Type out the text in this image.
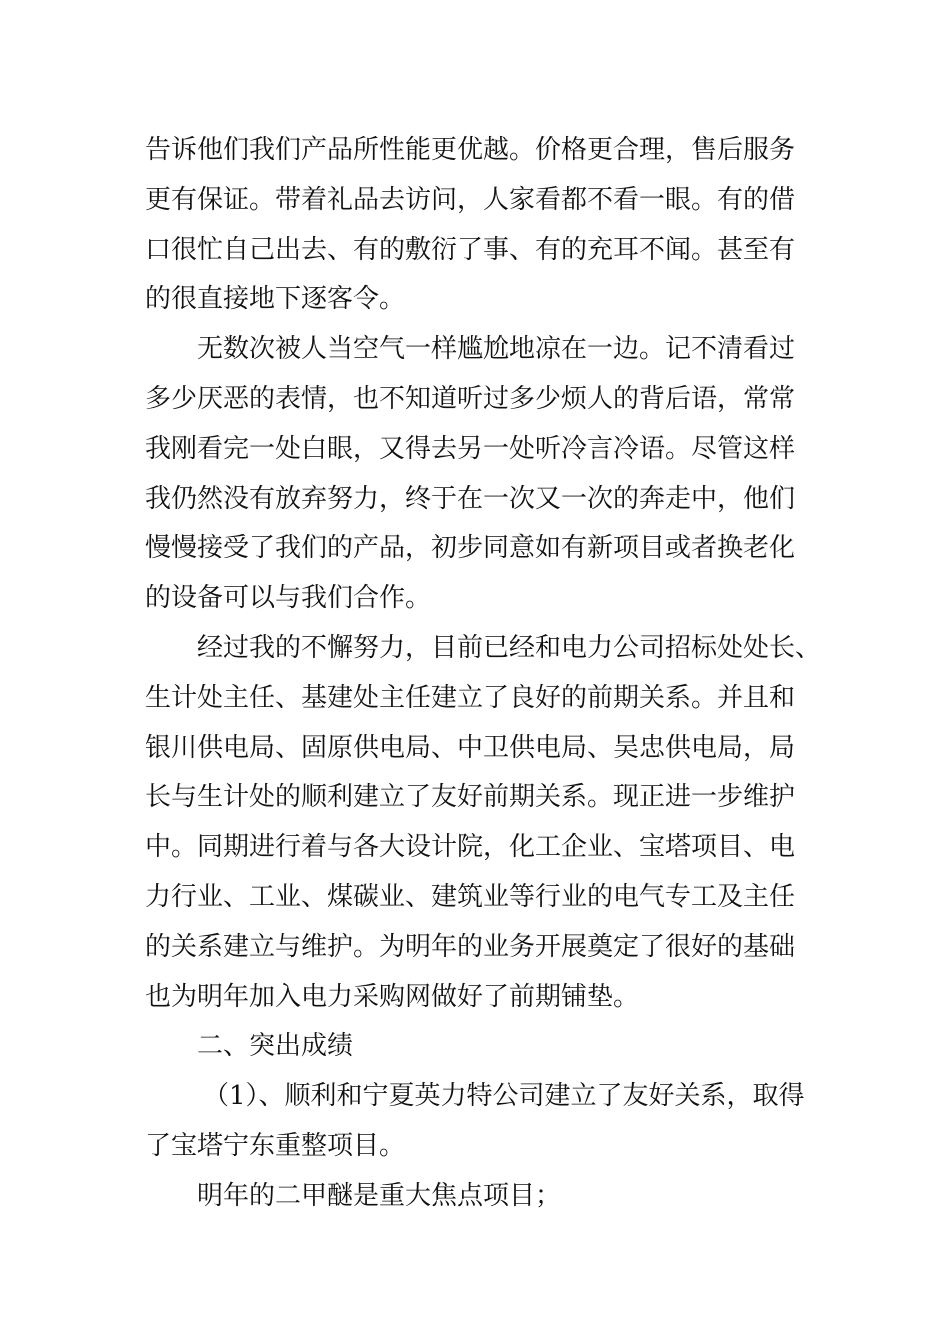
告诉他们我们产品所性能更优越。价格更合理，售后服务
更有保证。带着礼品去访问，人家看都不看一眼。有的借
口很忙自己出去、有的敷衍了事、有的充耳不闻。甚至有
的很直接地下逐客令。
无数次被人当空气一样尴尬地凉在一边。记不清看过
多少厌恶的表情，也不知道听过多少烦人的背后语，常常
我刚看完一处白眼，又得去另一处听冷言冷语。尽管这样
我仍然没有放弃努力，终于在一次又一次的奔走中，他们
慢慢接受了我们的产品，初步同意如有新项目或者换老化
的设备可以与我们合作。
经过我的不懈努力，目前已经和电力公司招标处处长、
生计处主任、基建处主任建立了良好的前期关系。并且和
银川供电局、固原供电局、中卫供电局、吴忠供电局，局
长与生计处的顺利建立了友好前期关系。现正进一步维护
中。同期进行着与各大设计院，化工企业、宝塔项目、电
力行业、工业、煤碳业、建筑业等行业的电气专工及主任
的关系建立与维护。为明年的业务开展奠定了很好的基础
也为明年加入电力采购网做好了前期铺垫。
二、突出成绩
（1）、顺利和宁夏英力特公司建立了友好关系，取得
了宝塔宁东重整项目。
明年的二甲醚是重大焦点项目；
